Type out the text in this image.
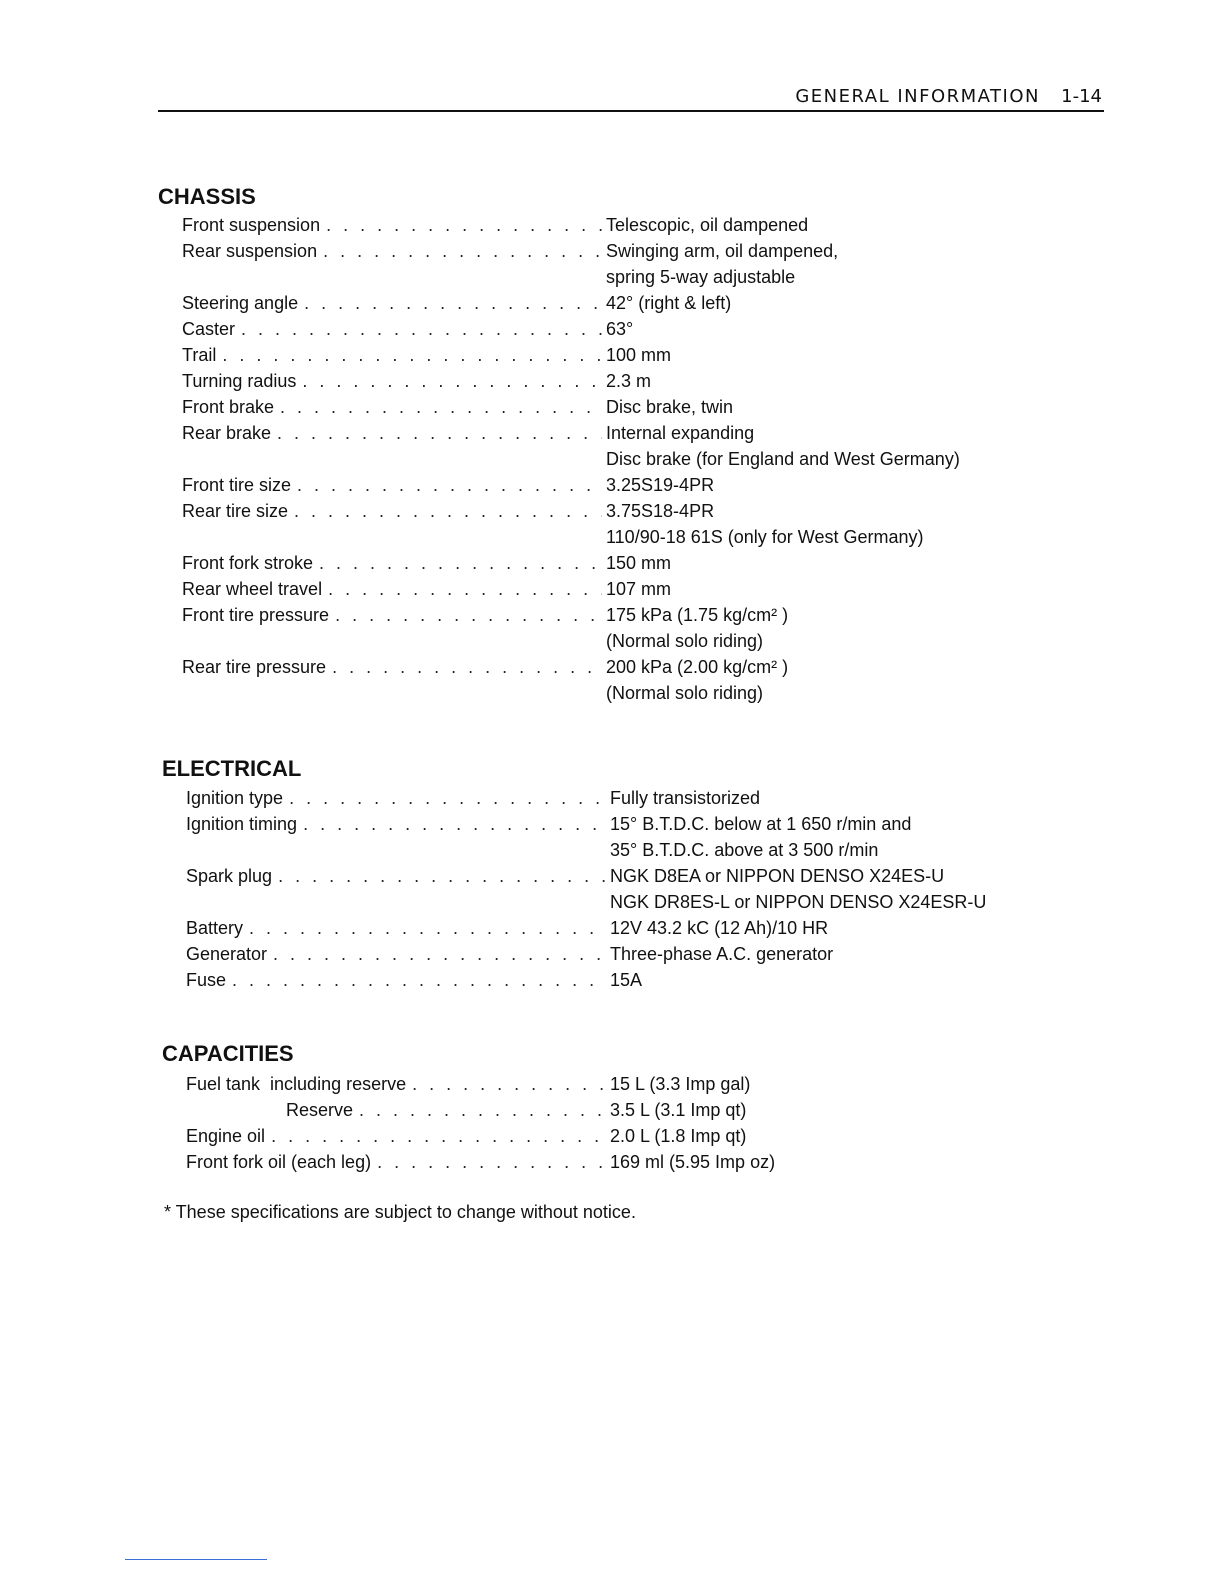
GENERAL INFORMATION 1-14
CHASSIS
Front suspension . . .	Telescopic, oil dampened
Rear suspension . . .	Swinging arm, oil dampened,
spring 5-way adjustable
Steering angle . . .	42° (right & left)
Caster . . .	63°
Trail . . .	100 mm
Turning radius . . .	2.3 m
Front brake . . .	Disc brake, twin
Rear brake . . .	Internal expanding
Disc brake (for England and West Germany)
Front tire size . . .	3.25S19-4PR
Rear tire size . . .	3.75S18-4PR
110/90-18 61S (only for West Germany)
Front fork stroke . . .	150 mm
Rear wheel travel . . .	107 mm
Front tire pressure . . .	175 kPa (1.75 kg/cm² )
(Normal solo riding)
Rear tire pressure . . .	200 kPa (2.00 kg/cm² )
(Normal solo riding)
ELECTRICAL
Ignition type . . .	Fully transistorized
Ignition timing . . .	15° B.T.D.C. below at 1 650 r/min and
35° B.T.D.C. above at 3 500 r/min
Spark plug . . .	NGK D8EA or NIPPON DENSO X24ES-U
NGK DR8ES-L or NIPPON DENSO X24ESR-U
Battery . . .	12V 43.2 kC (12 Ah)/10 HR
Generator . . .	Three-phase A.C. generator
Fuse . . .	15A
CAPACITIES
Fuel tank  including reserve . . .	15 L (3.3 Imp gal)
Reserve . . .	3.5 L (3.1 Imp qt)
Engine oil . . .	2.0 L (1.8 Imp qt)
Front fork oil (each leg) . . .	169 ml (5.95 Imp oz)
* These specifications are subject to change without notice.
